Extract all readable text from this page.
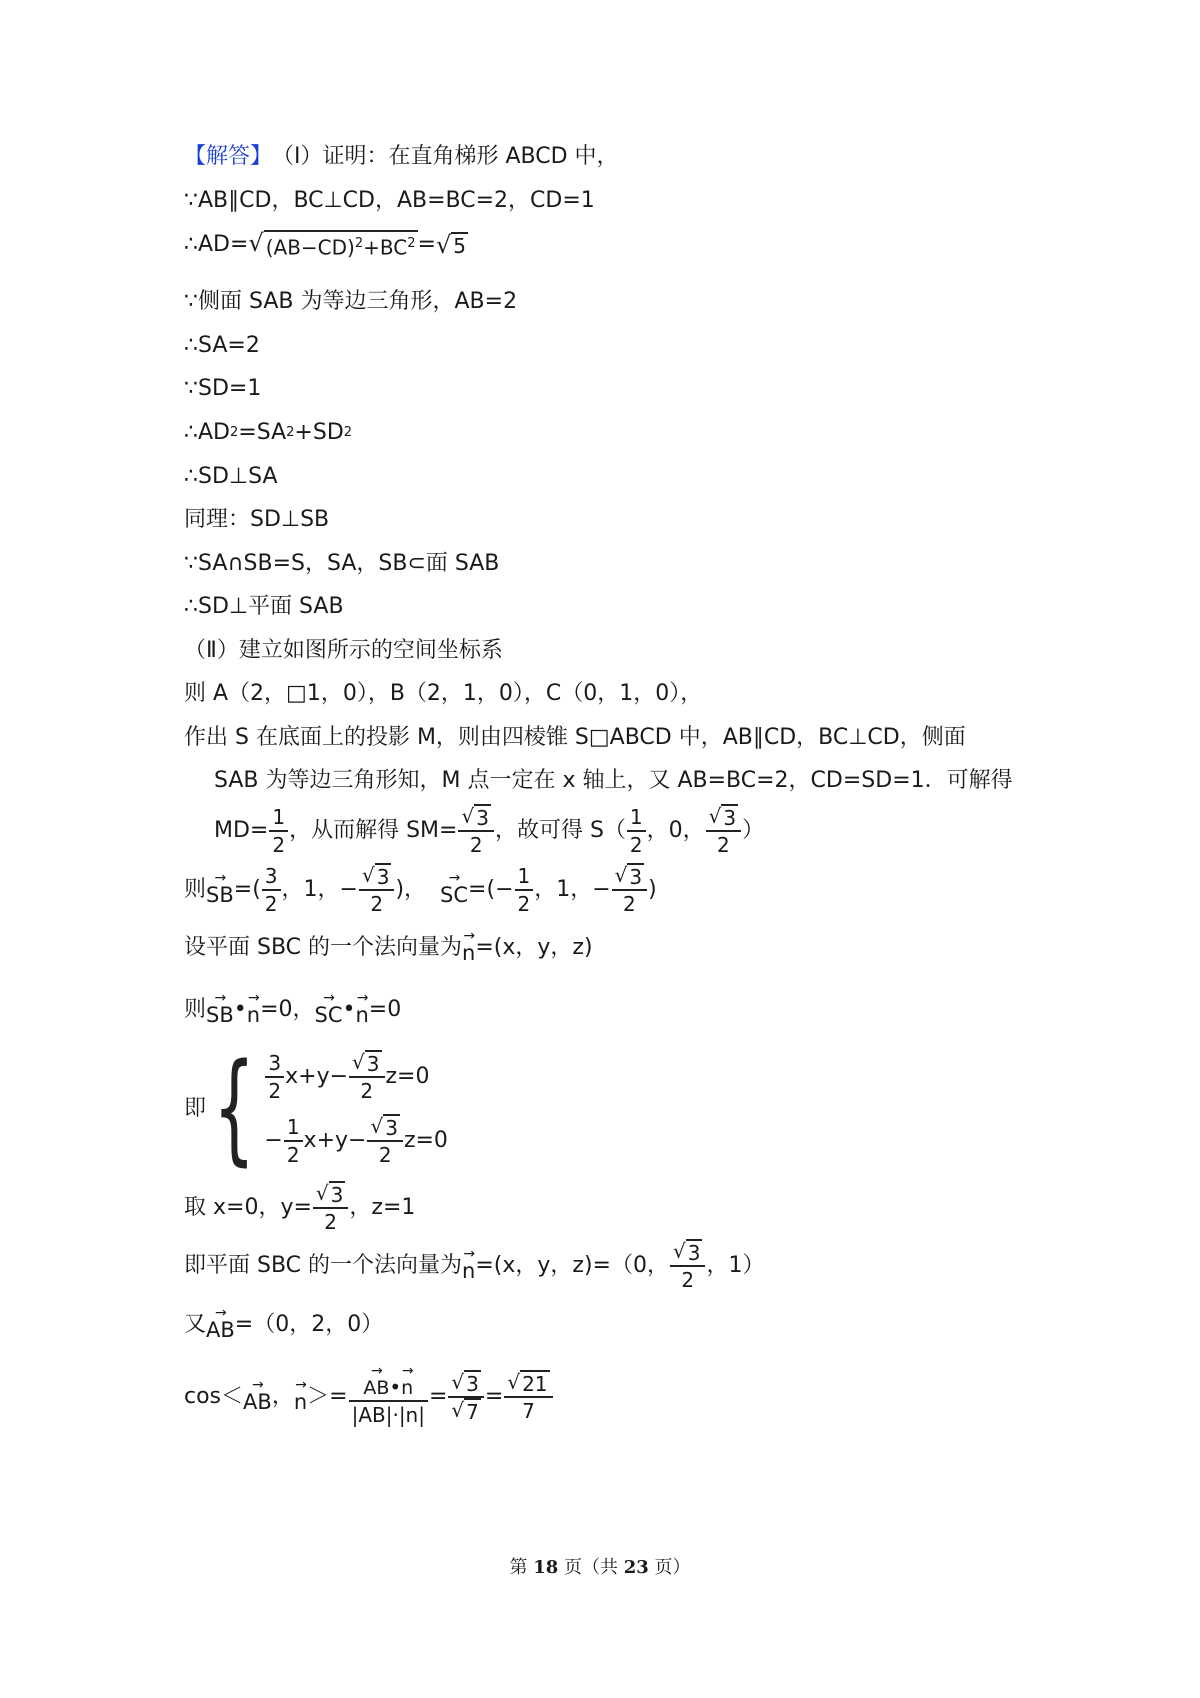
【解答】 （Ⅰ）证明：在直角梯形 ABCD 中，
∵AB∥CD，BC⊥CD，AB=BC=2，CD=1
∴AD= √ $(AB-CD)^2+BC^2$ = √ 5
∵侧面 SAB 为等边三角形，AB=2
∴SA=2
∵SD=1
∴AD 2 =SA 2 +SD 2
∴SD⊥SA
同理：SD⊥SB
∵SA∩SB=S，SA，SB⊂面 SAB
∴SD⊥平面 SAB
（Ⅱ）建立如图所示的空间坐标系
则 A（2，□1，0），B（2，1，0），C（0，1，0），
作出 S 在底面上的投影 M，则由四棱锥 S□ABCD 中，AB∥CD，BC⊥CD，侧面
SAB 为等边三角形知，M 点一定在 x 轴上，又 AB=BC=2，CD=SD=1．可解得
$MD= \frac{1}{2}$ ，从而解得 $SM= \frac{√ 3}{2}$ ，故可得 $S( \frac{1}{2}$ ，0， $\frac{√ 3}{2}$ ）
则 →
SB =( $\frac{3}{2}$ ，1，− $\frac{√ 3}{2}$ )， →
SC =(− $\frac{1}{2}$ ，1，− $\frac{√ 3}{2}$ )
设平面 SBC 的一个法向量为 →
n =(x，y，z)
则 →
SB • →
n =0， →
SC • →
n =0
即 { $\frac{3}{2} x+y- \frac{√ 3}{2} z=0$
− $\frac{1}{2} x+y- \frac{√ 3}{2} z=0$
取 x=0，$y= \frac{√ 3}{2}$ ，z=1
即平面 SBC 的一个法向量为 →
n =(x，y，z)=（0， $\frac{√ 3}{2}$ ，1）
又 →
AB =（0，2，0）
cos＜ →
AB ， →
n ＞= →
AB •
→
n
$|AB|\cdot|n| = \frac{√ 3}{√ 7} = \frac{√ 21}{7}$
第 18 页（共 23 页）
